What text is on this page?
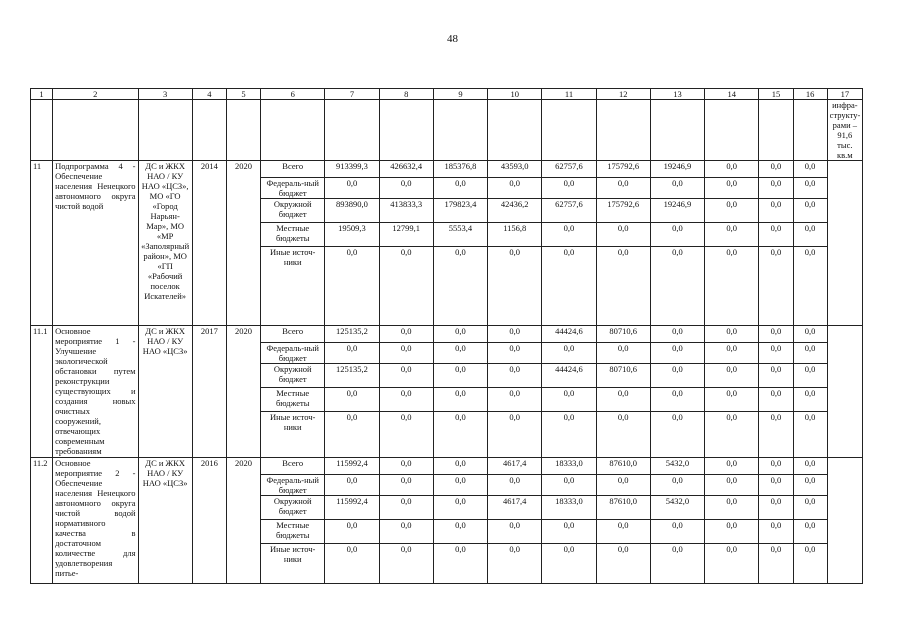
48
1	2	3	4	5	6	7	8	9	10	11	12	13	14	15	16	17
																инфра-структу-рами – 91,6 тыс. кв.м
11	Подпрограмма 4 - Обеспечение населения Ненецкого автономного округа чистой водой	ДС и ЖКХ НАО / КУ НАО «ЦСЗ», МО «ГО «Город Нарьян-Мар», МО «МР «Заполярный район», МО «ГП «Рабочий поселок Искателей»	2014	2020	Всего	913399,3	426632,4	185376,8	43593,0	62757,6	175792,6	19246,9	0,0	0,0	0,0	
					Федераль-ный бюджет	0,0	0,0	0,0	0,0	0,0	0,0	0,0	0,0	0,0	0,0	
					Окружной бюджет	893890,0	413833,3	179823,4	42436,2	62757,6	175792,6	19246,9	0,0	0,0	0,0	
					Местные бюджеты	19509,3	12799,1	5553,4	1156,8	0,0	0,0	0,0	0,0	0,0	0,0	
					Иные источ-ники	0,0	0,0	0,0	0,0	0,0	0,0	0,0	0,0	0,0	0,0	
11.1	Основное мероприятие 1 - Улучшение экологической обстановки путем реконструкции существующих и создания новых очистных сооружений, отвечающих современным требованиям	ДС и ЖКХ НАО / КУ НАО «ЦСЗ»	2017	2020	Всего	125135,2	0,0	0,0	0,0	44424,6	80710,6	0,0	0,0	0,0	0,0	
					Федераль-ный бюджет	0,0	0,0	0,0	0,0	0,0	0,0	0,0	0,0	0,0	0,0	
					Окружной бюджет	125135,2	0,0	0,0	0,0	44424,6	80710,6	0,0	0,0	0,0	0,0	
					Местные бюджеты	0,0	0,0	0,0	0,0	0,0	0,0	0,0	0,0	0,0	0,0	
					Иные источ-ники	0,0	0,0	0,0	0,0	0,0	0,0	0,0	0,0	0,0	0,0	
11.2	Основное мероприятие 2 - Обеспечение населения Ненецкого автономного округа чистой водой нормативного качества в достаточном количестве для удовлетворения питье-	ДС и ЖКХ НАО / КУ НАО «ЦСЗ»	2016	2020	Всего	115992,4	0,0	0,0	4617,4	18333,0	87610,0	5432,0	0,0	0,0	0,0	
					Федераль-ный бюджет	0,0	0,0	0,0	0,0	0,0	0,0	0,0	0,0	0,0	0,0	
					Окружной бюджет	115992,4	0,0	0,0	4617,4	18333,0	87610,0	5432,0	0,0	0,0	0,0	
					Местные бюджеты	0,0	0,0	0,0	0,0	0,0	0,0	0,0	0,0	0,0	0,0	
					Иные источ-ники	0,0	0,0	0,0	0,0	0,0	0,0	0,0	0,0	0,0	0,0	
